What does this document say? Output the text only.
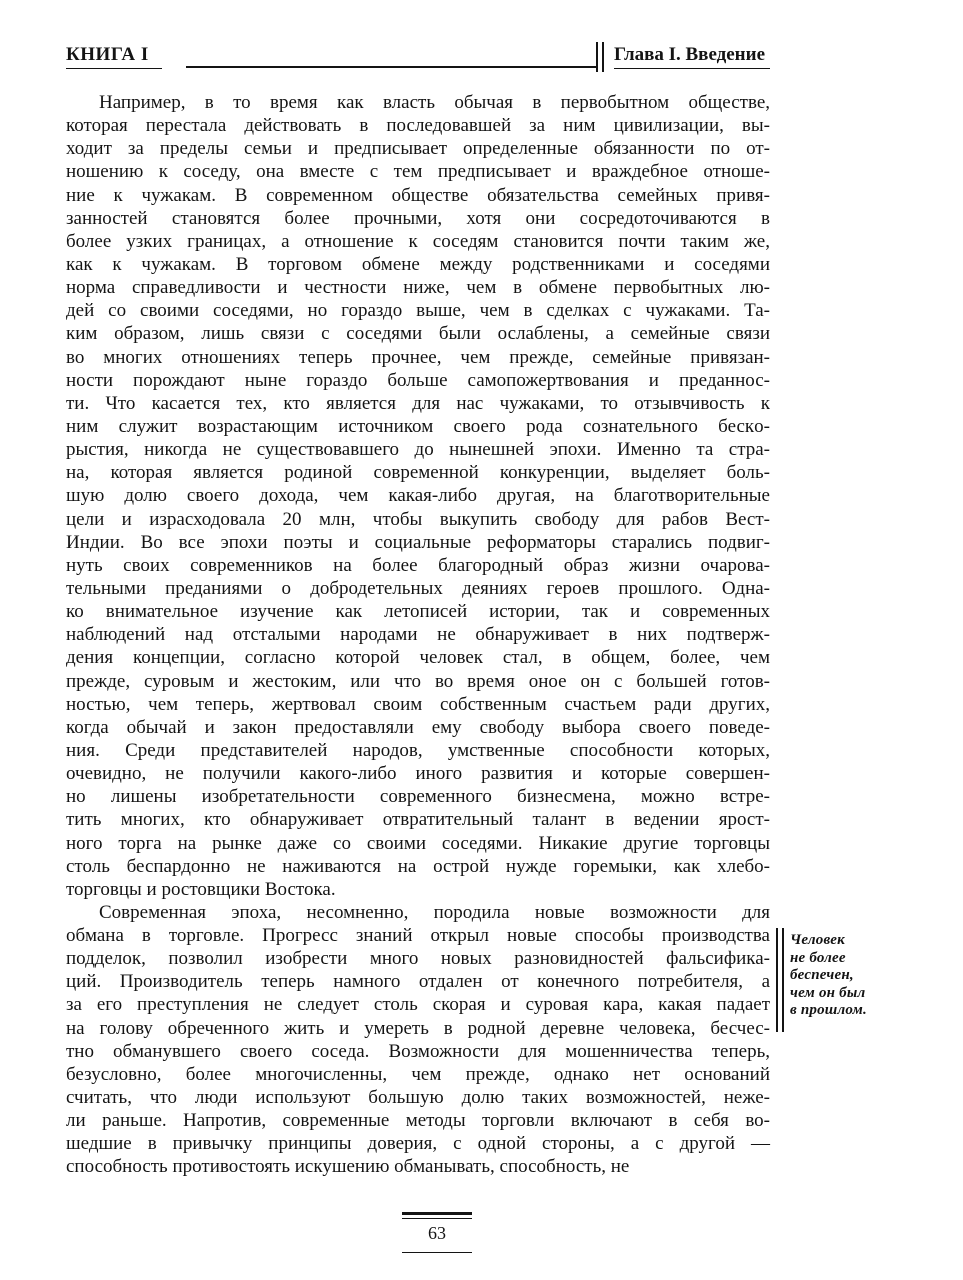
КНИГА I	Глава I. Введение
Например, в то время как власть обычая в первобытном обществе,
которая перестала действовать в последовавшей за ним цивилизации, вы-
ходит за пределы семьи и предписывает определенные обязанности по от-
ношению к соседу, она вместе с тем предписывает и враждебное отноше-
ние к чужакам. В современном обществе обязательства семейных привя-
занностей становятся более прочными, хотя они сосредоточиваются в
более узких границах, а отношение к соседям становится почти таким же,
как к чужакам. В торговом обмене между родственниками и соседями
норма справедливости и честности ниже, чем в обмене первобытных лю-
дей со своими соседями, но гораздо выше, чем в сделках с чужаками. Та-
ким образом, лишь связи с соседями были ослаблены, а семейные связи
во многих отношениях теперь прочнее, чем прежде, семейные привязан-
ности порождают ныне гораздо больше самопожертвования и преданнос-
ти. Что касается тех, кто является для нас чужаками, то отзывчивость к
ним служит возрастающим источником своего рода сознательного бескo-
рыстия, никогда не существовавшего до нынешней эпохи. Именно та стра-
на, которая является родиной современной конкуренции, выделяет боль-
шую долю своего дохода, чем какая-либо другая, на благотворительные
цели и израсходовала 20 млн, чтобы выкупить свободу для рабов Вест-
Индии. Во все эпохи поэты и социальные реформаторы старались подвиг-
нуть своих современников на более благородный образ жизни очарова-
тельными преданиями о добродетельных деяниях героев прошлого. Однa-
ко внимательное изучение как летописей истории, так и современных
наблюдений над отсталыми народами не обнаруживает в них подтверж-
дения концепции, согласно которой человек стал, в общем, более, чем
прежде, суровым и жестоким, или что во время оное он с большей готов-
ностью, чем теперь, жертвовал своим собственным счастьем ради других,
когда обычай и закон предоставляли ему свободу выбора своего поведе-
ния. Среди представителей народов, умственные способности которых,
очевидно, не получили какого-либо иного развития и которые совершен-
но лишены изобретательности современного бизнесмена, можно встре-
тить многих, кто обнаруживает отвратительный талант в ведении ярост-
ного торга на рынке даже со своими соседями. Никакие другие торговцы
столь беспардонно не наживаются на острой нужде горемыки, как хлебо-
торговцы и ростовщики Востока.
Современная эпоха, несомненно, породила новые возможности для
обмана в торговле. Прогресс знаний открыл новые способы производства
подделок, позволил изобрести много новых разновидностей фальсифика-
ций. Производитель теперь намного отдален от конечного потребителя, а
за его преступления не следует столь скорая и суровая кара, какая падает
на голову обреченного жить и умереть в родной деревне человека, бесчес-
тно обманувшего своего соседа. Возможности для мошенничества теперь,
безусловно, более многочисленны, чем прежде, однако нет оснований
считать, что люди используют большую долю таких возможностей, неже-
ли раньше. Напротив, современные методы торговли включают в себя во-
шедшие в привычку принципы доверия, с одной стороны, а с другой —
способность противостоять искушению обманывать, способность, не
Человек
не более
беспечен,
чем он был
в прошлом.
63
